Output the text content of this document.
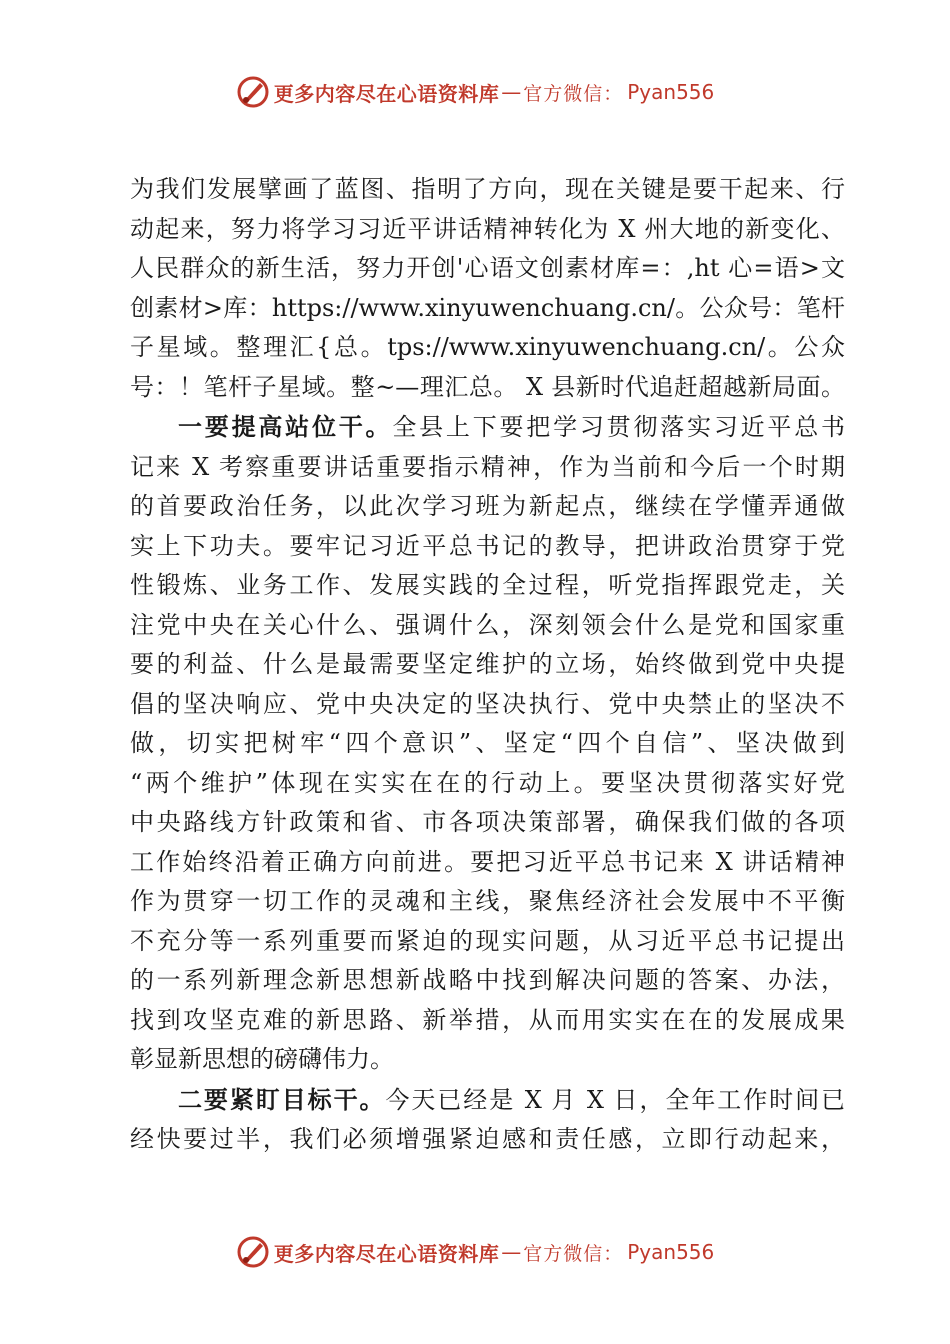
更多内容尽在心语资料库 — 官方微信： Pyan556

为我们发展擘画了蓝图、指明了方向，现在关键是要干起来、行

动起来，努力将学习习近平讲话精神转化为 X 州大地的新变化、

人民群众的新生活，努力开创'心语文创素材库=：,ht 心=语>文

创素材>库：https://www.xinyuwenchuang.cn/。公众号：笔杆

子星域。整理汇{总。tps://www.xinyuwenchuang.cn/。公众

号：！笔杆子星域。整~—理汇总。 X 县新时代追赶超越新局面。

一要提高站位干。全县上下要把学习贯彻落实习近平总书

记来 X 考察重要讲话重要指示精神，作为当前和今后一个时期

的首要政治任务，以此次学习班为新起点，继续在学懂弄通做

实上下功夫。要牢记习近平总书记的教导，把讲政治贯穿于党

性锻炼、业务工作、发展实践的全过程，听党指挥跟党走，关

注党中央在关心什么、强调什么，深刻领会什么是党和国家重

要的利益、什么是最需要坚定维护的立场，始终做到党中央提

倡的坚决响应、党中央决定的坚决执行、党中央禁止的坚决不

做，切实把树牢“四个意识”、坚定“四个自信”、坚决做到

“两个维护”体现在实实在在的行动上。要坚决贯彻落实好党

中央路线方针政策和省、市各项决策部署，确保我们做的各项

工作始终沿着正确方向前进。要把习近平总书记来 X 讲话精神

作为贯穿一切工作的灵魂和主线，聚焦经济社会发展中不平衡

不充分等一系列重要而紧迫的现实问题，从习近平总书记提出

的一系列新理念新思想新战略中找到解决问题的答案、办法，

找到攻坚克难的新思路、新举措，从而用实实在在的发展成果

彰显新思想的磅礴伟力。

二要紧盯目标干。今天已经是 X 月 X 日，全年工作时间已

经快要过半，我们必须增强紧迫感和责任感，立即行动起来，

更多内容尽在心语资料库 — 官方微信： Pyan556
